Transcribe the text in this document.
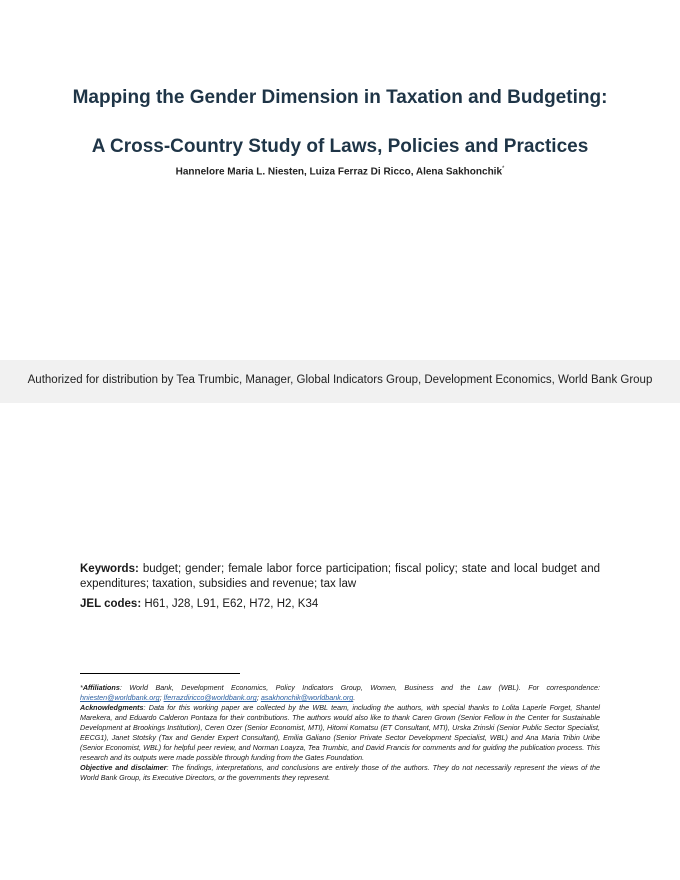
Mapping the Gender Dimension in Taxation and Budgeting:
A Cross-Country Study of Laws, Policies and Practices

Hannelore Maria L. Niesten, Luiza Ferraz Di Ricco, Alena Sakhonchik*

Authorized for distribution by Tea Trumbic, Manager, Global Indicators Group, Development Economics, World Bank Group

Keywords: budget; gender; female labor force participation; fiscal policy; state and local budget and expenditures; taxation, subsidies and revenue; tax law

JEL codes: H61, J28, L91, E62, H72, H2, K34

*Affiliations: World Bank, Development Economics, Policy Indicators Group, Women, Business and the Law (WBL). For correspondence: hniesten@worldbank.org; lferrazdiricco@worldbank.org; asakhonchik@worldbank.org.

Acknowledgments: Data for this working paper are collected by the WBL team, including the authors, with special thanks to Lolita Laperle Forget, Shantel Marekera, and Eduardo Calderon Pontaza for their contributions. The authors would also like to thank Caren Grown (Senior Fellow in the Center for Sustainable Development at Brookings Institution), Ceren Ozer (Senior Economist, MTI), Hitomi Komatsu (ET Consultant, MTI), Urska Zrinski (Senior Public Sector Specialist, EECG1), Janet Stotsky (Tax and Gender Expert Consultant), Emilia Galiano (Senior Private Sector Development Specialist, WBL) and Ana Maria Tribin Uribe (Senior Economist, WBL) for helpful peer review, and Norman Loayza, Tea Trumbic, and David Francis for comments and for guiding the publication process. This research and its outputs were made possible through funding from the Gates Foundation.

Objective and disclaimer: The findings, interpretations, and conclusions are entirely those of the authors. They do not necessarily represent the views of the World Bank Group, its Executive Directors, or the governments they represent.
